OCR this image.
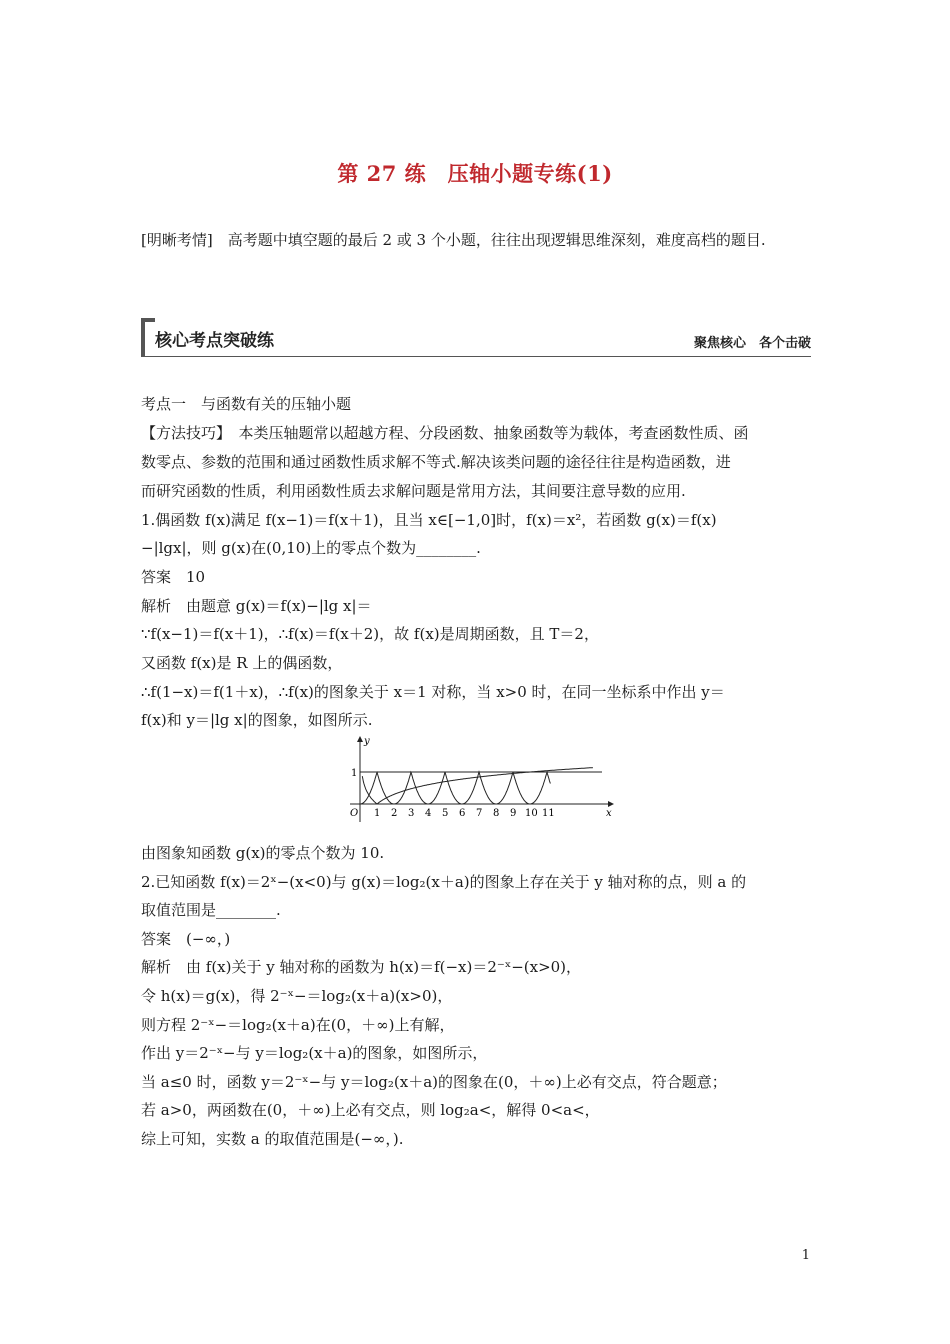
第 27 练　压轴小题专练(1)
[明晰考情]　高考题中填空题的最后 2 或 3 个小题，往往出现逻辑思维深刻，难度高档的题目.
核心考点突破练	聚焦核心　各个击破
考点一　与函数有关的压轴小题
【方法技巧】　本类压轴题常以超越方程、分段函数、抽象函数等为载体，考查函数性质、函
数零点、参数的范围和通过函数性质求解不等式.解决该类问题的途径往往是构造函数，进
而研究函数的性质，利用函数性质去求解问题是常用方法，其间要注意导数的应用.
1.偶函数 f(x)满足 f(x−1)＝f(x＋1)，且当 x∈[−1,0]时，f(x)＝x²，若函数 g(x)＝f(x)
−|lgx|，则 g(x)在(0,10)上的零点个数为________.
答案　10
解析　由题意 g(x)＝f(x)−|lg x|＝
∵f(x−1)＝f(x＋1)，∴f(x)＝f(x＋2)，故 f(x)是周期函数，且 T＝2，
又函数 f(x)是 R 上的偶函数，
∴f(1−x)＝f(1＋x)，∴f(x)的图象关于 x＝1 对称，当 x>0 时，在同一坐标系中作出 y＝
f(x)和 y＝|lg x|的图象，如图所示.
y
x
O
1
1 2 3 4 5 6 7 8 9 10 11
由图象知函数 g(x)的零点个数为 10.
2.已知函数 f(x)＝2ˣ−(x<0)与 g(x)＝log₂(x＋a)的图象上存在关于 y 轴对称的点，则 a 的
取值范围是________.
答案　(−∞，)
解析　由 f(x)关于 y 轴对称的函数为 h(x)＝f(−x)＝2⁻ˣ−(x>0)，
令 h(x)＝g(x)，得 2⁻ˣ−＝log₂(x＋a)(x>0)，
则方程 2⁻ˣ−＝log₂(x＋a)在(0，＋∞)上有解，
作出 y＝2⁻ˣ−与 y＝log₂(x＋a)的图象，如图所示，
当 a≤0 时，函数 y＝2⁻ˣ−与 y＝log₂(x＋a)的图象在(0，＋∞)上必有交点，符合题意；
若 a>0，两函数在(0，＋∞)上必有交点，则 log₂a<，解得 0<a<，
综上可知，实数 a 的取值范围是(−∞，).
1
